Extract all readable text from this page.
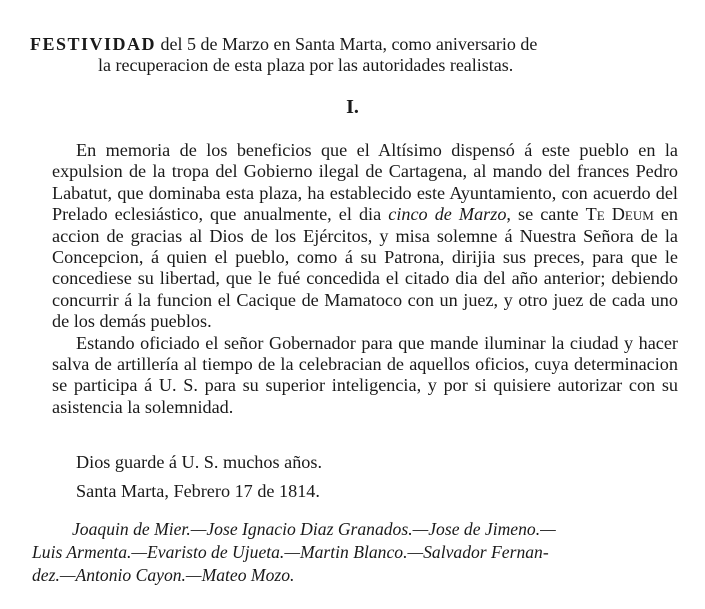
FESTIVIDAD del 5 de Marzo en Santa Marta, como aniversario de
la recuperacion de esta plaza por las autoridades realistas.
I.

En memoria de los beneficios que el Altísimo dispensó á este pueblo en la expulsion de la tropa del Gobierno ilegal de Cartagena, al mando del frances Pedro Labatut, que dominaba esta plaza, ha establecido este Ayuntamiento, con acuerdo del Prelado eclesiástico, que anualmente, el dia cinco de Marzo, se cante Te Deum en accion de gracias al Dios de los Ejércitos, y misa solemne á Nuestra Señora de la Concepcion, á quien el pueblo, como á su Patrona, dirijia sus preces, para que le concediese su libertad, que le fué concedida el citado dia del año anterior; debiendo concurrir á la funcion el Cacique de Mamatoco con un juez, y otro juez de cada uno de los demás pueblos.

Estando oficiado el señor Gobernador para que mande iluminar la ciudad y hacer salva de artillería al tiempo de la celebracian de aquellos oficios, cuya determinacion se participa á U. S. para su superior inteligencia, y por si quisiere autorizar con su asistencia la solemnidad.

Dios guarde á U. S. muchos años.
Santa Marta, Febrero 17 de 1814.
Joaquin de Mier.—Jose Ignacio Diaz Granados.—Jose de Jimeno.—
Luis Armenta.—Evaristo de Ujueta.—Martin Blanco.—Salvador Fernan-
dez.—Antonio Cayon.—Mateo Mozo.
